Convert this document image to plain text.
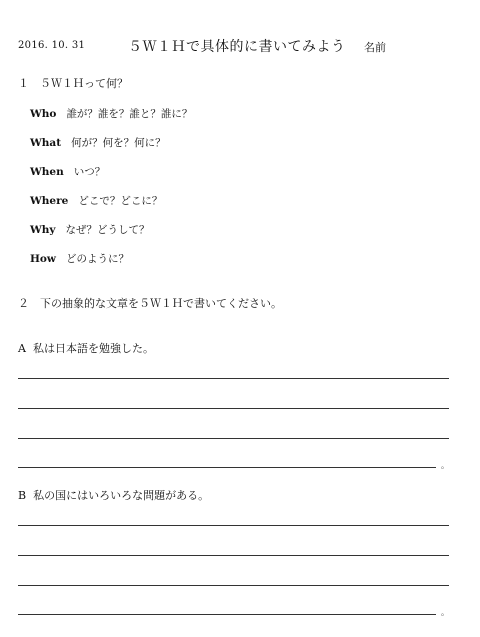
2016. 10. 31	５Ｗ１Ｈで具体的に書いてみよう 名前
１　５Ｗ１Ｈって何？
Who 誰が？誰を？誰と？誰に？
What 何が？何を？何に？
When いつ？
Where どこで？どこに？
Why なぜ？どうして？
How どのように？
２　下の抽象的な文章を５Ｗ１Ｈで書いてください。
A 私は日本語を勉強した。
。
B 私の国にはいろいろな問題がある。
。
